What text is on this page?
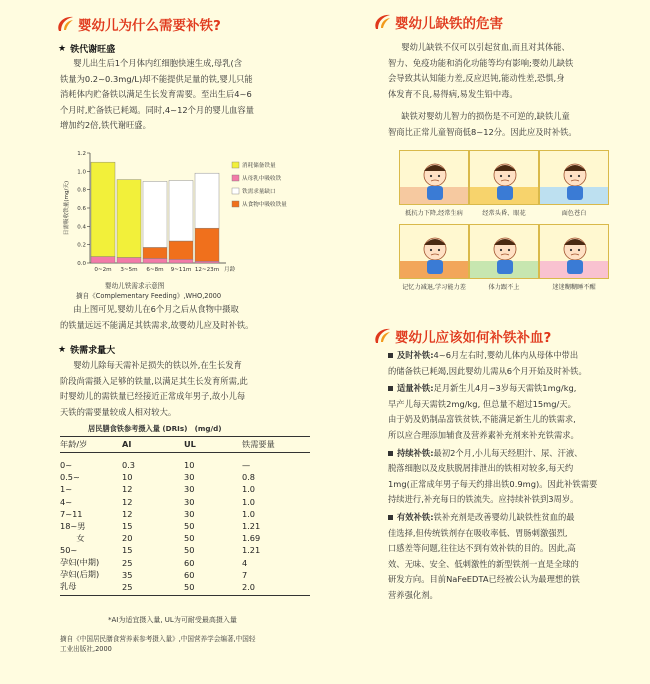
婴幼儿为什么需要补铁?
★ 铁代谢旺盛
婴儿出生后1个月体内红细胞快速生成,母乳(含
铁量为0.2~0.3mg/L)却不能提供足量的铁,婴儿只能
消耗体内贮备铁以满足生长发育需要。至出生后4~6
个月时,贮备铁已耗竭。同时,4~12个月的婴儿血容量
增加约2倍,铁代谢旺盛。
日需吸收铁量(mg/天)
0.0
0.2
0.4
0.6
0.8
1.0
1.2
0~2m 3~5m 6~8m 9~11m 12~23m 月龄
消耗储备铁量
从母乳中吸收铁
铁需求量缺口
从食物中吸收铁量
婴幼儿铁需求示意图
摘自《Complementary Feeding》,WHO,2000
由上图可见,婴幼儿在6个月之后从食物中摄取
的铁量远远不能满足其铁需求,故婴幼儿应及时补铁。
★ 铁需求量大
婴幼儿除每天需补足损失的铁以外,在生长发育
阶段尚需摄入足够的铁量,以满足其生长发育所需,此
时婴幼儿的需铁量已经接近正常成年男子,故小儿每
天铁的需要量较成人相对较大。
居民膳食铁参考摄入量 (DRIs)　(mg/d)
年龄/岁	AI	UL	铁需要量
0~	0.3	10	—
0.5~	10	30	0.8
1~	12	30	1.0
4~	12	30	1.0
7~11	12	30	1.0
18~男	15	50	1.21
　　女	20	50	1.69
50~	15	50	1.21
孕妇(中期)	25	60	4
孕妇(后期)	35	60	7
乳母	25	50	2.0
*AI为适宜摄入量, UL为可耐受最高摄入量
摘自《中国居民膳食营养素参考摄入量》,中国营养学会编著,中国轻
工业出版社,2000
婴幼儿缺铁的危害
婴幼儿缺铁不仅可以引起贫血,而且对其体能、
智力、免疫功能和消化功能等均有影响;婴幼儿缺铁
会导致其认知能力差,反应迟钝,能动性差,恐惧,身
体发育不良,易得病,易发生铅中毒。
缺铁对婴幼儿智力的损伤是不可逆的,缺铁儿童
智商比正常儿童智商低8~12分。因此应及时补铁。
抵抗力下降,经常生病	经常头昏、眼花	面色苍白
记忆力减退,学习能力差	体力跟不上	迷迷糊糊睡不醒
婴幼儿应该如何补铁补血?
及时补铁:4~6月左右时,婴幼儿体内从母体中带出
的储备铁已耗竭,因此婴幼儿需从6个月开始及时补铁。
适量补铁:足月新生儿4月~3岁每天需铁1mg/kg,
早产儿每天需铁2mg/kg, 但总量不超过15mg/天。
由于奶及奶制品富铁贫铁,不能满足新生儿的铁需求,
所以应合理添加辅食及营养素补充剂来补充铁需求。
持续补铁:最初2个月,小儿每天经胆汁、尿、汗液、
脱落细胞以及皮肤脱屑排泄出的铁相对较多,每天约
1mg(正常成年男子每天约排出铁0.9mg)。因此补铁需要
持续进行,补充每日的铁流失。应持续补铁到3周岁。
有效补铁:铁补充剂是改善婴幼儿缺铁性贫血的最
佳选择,但传统铁剂存在吸收率低、胃肠刺激强烈,
口感差等问题,往往达不到有效补铁的目的。因此,高
效、无味、安全、低刺激性的新型铁剂一直是全球的
研发方向。目前NaFeEDTA已经被公认为最理想的铁
营养强化剂。
